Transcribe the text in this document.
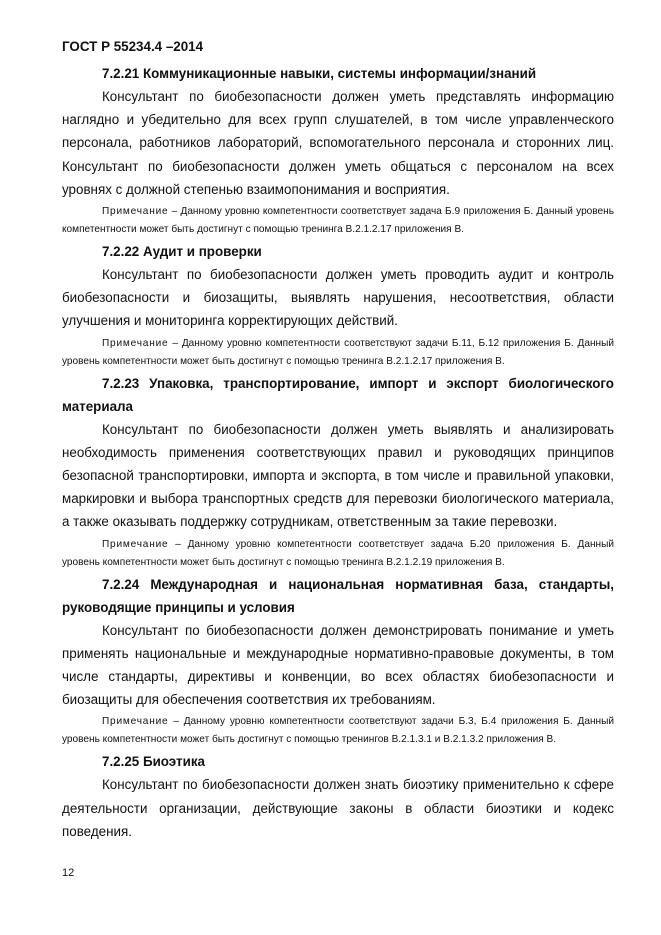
ГОСТ Р 55234.4 –2014

7.2.21 Коммуникационные навыки, системы информации/знаний

Консультант по биобезопасности должен уметь представлять информацию наглядно и убедительно для всех групп слушателей, в том числе управленческого персонала, работников лабораторий, вспомогательного персонала и сторонних лиц. Консультант по биобезопасности должен уметь общаться с персоналом на всех уровнях с должной степенью взаимопонимания и восприятия.

Примечание – Данному уровню компетентности соответствует задача Б.9 приложения Б. Данный уровень компетентности может быть достигнут с помощью тренинга В.2.1.2.17 приложения В.

7.2.22 Аудит и проверки

Консультант по биобезопасности должен уметь проводить аудит и контроль биобезопасности и биозащиты, выявлять нарушения, несоответствия, области улучшения и мониторинга корректирующих действий.

Примечание – Данному уровню компетентности соответствуют задачи Б.11, Б.12 приложения Б. Данный уровень компетентности может быть достигнут с помощью тренинга В.2.1.2.17 приложения В.

7.2.23 Упаковка, транспортирование, импорт и экспорт биологического материала

Консультант по биобезопасности должен уметь выявлять и анализировать необходимость применения соответствующих правил и руководящих принципов безопасной транспортировки, импорта и экспорта, в том числе и правильной упаковки, маркировки и выбора транспортных средств для перевозки биологического материала, а также оказывать поддержку сотрудникам, ответственным за такие перевозки.

Примечание – Данному уровню компетентности соответствует задача Б.20 приложения Б. Данный уровень компетентности может быть достигнут с помощью тренинга В.2.1.2.19 приложения В.

7.2.24 Международная и национальная нормативная база, стандарты, руководящие принципы и условия

Консультант по биобезопасности должен демонстрировать понимание и уметь применять национальные и международные нормативно-правовые документы, в том числе стандарты, директивы и конвенции, во всех областях биобезопасности и биозащиты для обеспечения соответствия их требованиям.

Примечание – Данному уровню компетентности соответствуют задачи Б.3, Б.4 приложения Б. Данный уровень компетентности может быть достигнут с помощью тренингов В.2.1.3.1 и В.2.1.3.2 приложения В.

7.2.25 Биоэтика

Консультант по биобезопасности должен знать биоэтику применительно к сфере деятельности организации, действующие законы в области биоэтики и кодекс поведения.

12
